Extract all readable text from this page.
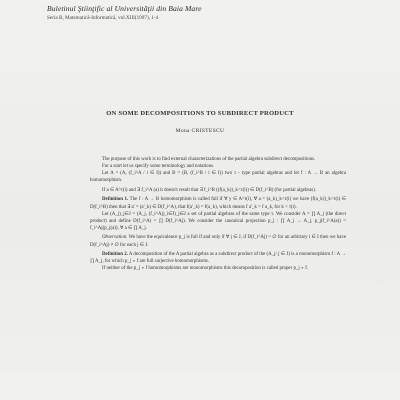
Buletinul Ştiinţific al Universităţii din Baia Mare
Seria B, Matematică-Informatică, vol.XIII(1997), 1-4
ON SOME DECOMPOSITIONS TO SUBDIRECT PRODUCT
Mona CRISTESCU

The purpose of this work is to find external characterizations of the partial algebra subdirect decompositions.

For a start let us specify some terminology and notations.

Let A = (A, (f_i^A / i ∈ I)) and B = (B, (f_i^B / i ∈ I)) two τ - type partial algebras and let f : A → B an algebra homomorphism.

If a ∈ A^τ(i) and ∃ f_i^A (a) it doesn't result that ∃ f_i^B ((f(a_k))_k<τ(i)) ∈ D(f_i^B) (for partial algebras).

Definition 1. The f : A → B homomorphism is called full if ∀ y ∈ A^τ(i), ∀ a = (a_k)_k<τ(i) we have (f(a_k))_k<τ(i) ∈ D(f_i^B) then that ∃ a' = (a'_k) ∈ D(f_i^A), that f(a'_k) = f(a_k), which means f a'_k = f a_k, for k < τ(i).

Let (A_j)_j∈J = (A_j, (f_i^Aj)_i∈I)_j∈J a set of partial algebras of the same type τ. We consider A = ∏ A_j (the direct product) and define D(f_i^A) = ∏ D(f_i^Aj). We consider the canonical projection p_j : ∏ A_j → A_j, p_j(f_i^A(a)) = f_i^Aj(p_j(a)), ∀ a ∈ ∏ A_j.

Observation. We have the equivalence p_j is full if and only if ∀ j ∈ J, if D(f_i^Aj) = ∅ for an arbitrary i ∈ I then we have D(f_i^Aj) ≠ ∅ for each j ∈ J.

Definition 2. A decomposition of the A partial algebra as a subdirect product of the (A_j/ j ∈ J) is a monomorphism f : A → ∏ A_j, for which p_j ∘ f are full surjective homomorphisms.

If neither of the p_j ∘ f homomorphisms are monomorphisms this decomposition is called proper p_j ∘ f.
